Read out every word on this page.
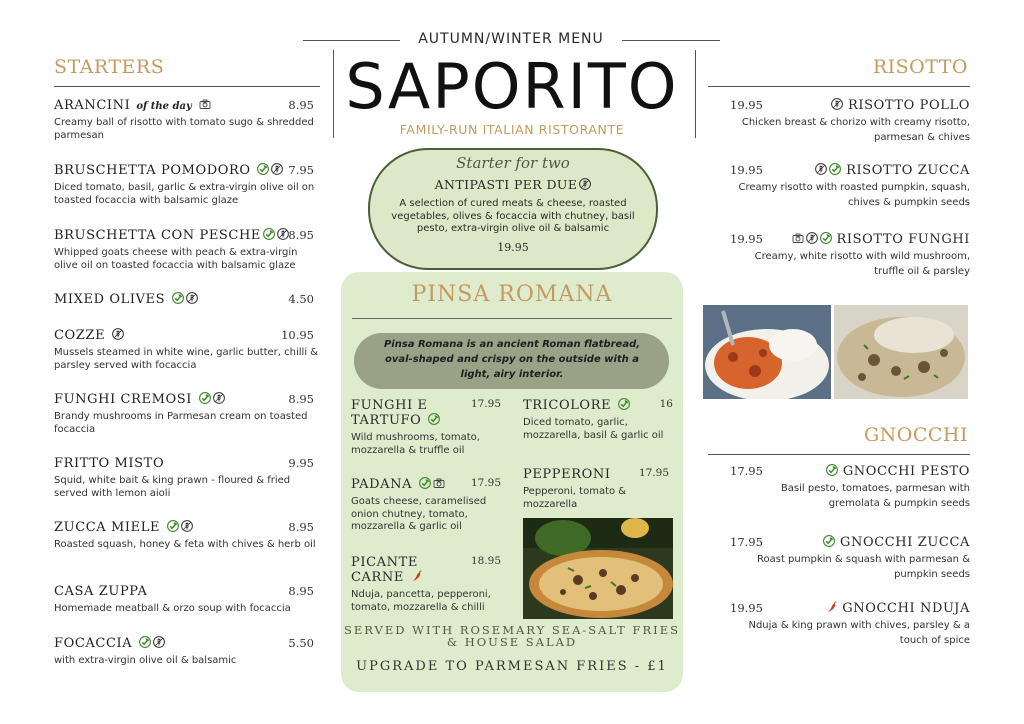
AUTUMN/WINTER MENU
SAPORITO
FAMILY-RUN ITALIAN RISTORANTE
STARTERS
ARANCINI of the day	8.95
Creamy ball of risotto with tomato sugo & shredded parmesan
BRUSCHETTA POMODORO	7.95
Diced tomato, basil, garlic & extra-virgin olive oil on toasted focaccia with balsamic glaze
BRUSCHETTA CON PESCHE	8.95
Whipped goats cheese with peach & extra-virgin olive oil on toasted focaccia with balsamic glaze
MIXED OLIVES	4.50
COZZE	10.95
Mussels steamed in white wine, garlic butter, chilli & parsley served with focaccia
FUNGHI CREMOSI	8.95
Brandy mushrooms in Parmesan cream on toasted focaccia
FRITTO MISTO	9.95
Squid, white bait & king prawn - floured & fried served with lemon aioli
ZUCCA MIELE	8.95
Roasted squash, honey & feta with chives & herb oil
CASA ZUPPA	8.95
Homemade meatball & orzo soup with focaccia
FOCACCIA	5.50
with extra-virgin olive oil & balsamic
Starter for two
ANTIPASTI PER DUE
A selection of cured meats & cheese, roasted vegetables, olives & focaccia with chutney, basil pesto, extra-virgin olive oil & balsamic
19.95
PINSA ROMANA
Pinsa Romana is an ancient Roman flatbread, oval-shaped and crispy on the outside with a light, airy interior.
FUNGHI E TARTUFO
17.95
Wild mushrooms, tomato, mozzarella & truffle oil
TRICOLORE	16
Diced tomato, garlic, mozzarella, basil & garlic oil
PADANA	17.95
Goats cheese, caramelised onion chutney, tomato, mozzarella & garlic oil
PEPPERONI	17.95
Pepperoni, tomato & mozzarella
PICANTE CARNE
18.95
Nduja, pancetta, pepperoni, tomato, mozzarella & chilli
SERVED WITH ROSEMARY SEA-SALT FRIES & HOUSE SALAD
UPGRADE TO PARMESAN FRIES - £1
RISOTTO
19.95	RISOTTO POLLO
Chicken breast & chorizo with creamy risotto, parmesan & chives
19.95	RISOTTO ZUCCA
Creamy risotto with roasted pumpkin, squash, chives & pumpkin seeds
19.95	RISOTTO FUNGHI
Creamy, white risotto with wild mushroom, truffle oil & parsley
GNOCCHI
17.95	GNOCCHI PESTO
Basil pesto, tomatoes, parmesan with gremolata & pumpkin seeds
17.95	GNOCCHI ZUCCA
Roast pumpkin & squash with parmesan & pumpkin seeds
19.95	GNOCCHI NDUJA
Nduja & king prawn with chives, parsley & a touch of spice
